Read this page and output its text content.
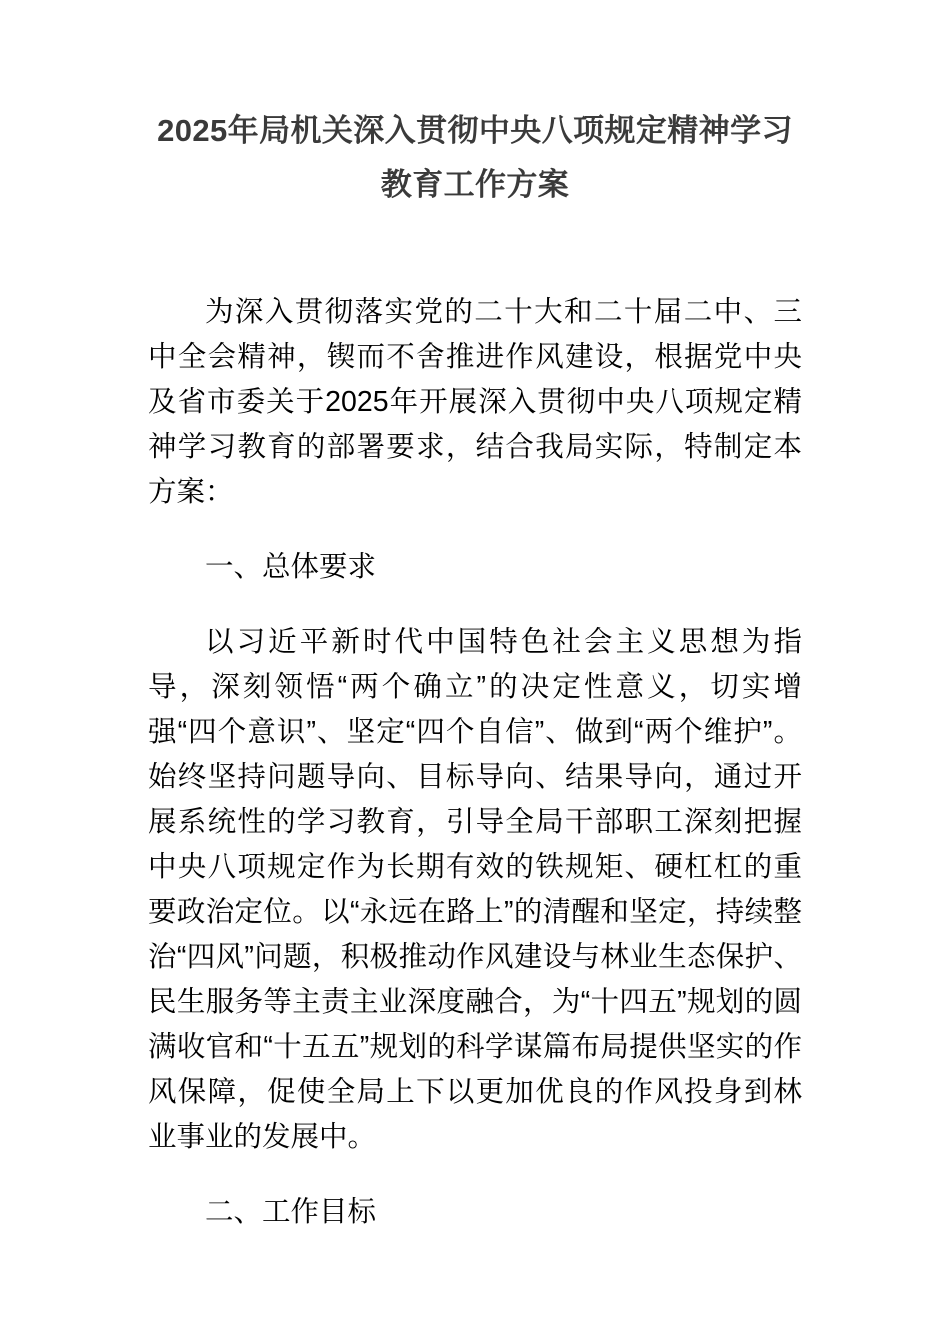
2025年局机关深入贯彻中央八项规定精神学习教育工作方案

为深入贯彻落实党的二十大和二十届二中、三中全会精神，锲而不舍推进作风建设，根据党中央及省市委关于2025年开展深入贯彻中央八项规定精神学习教育的部署要求，结合我局实际，特制定本方案：

一、总体要求

以习近平新时代中国特色社会主义思想为指导，深刻领悟“两个确立”的决定性意义，切实增强“四个意识”、坚定“四个自信”、做到“两个维护”。始终坚持问题导向、目标导向、结果导向，通过开展系统性的学习教育，引导全局干部职工深刻把握中央八项规定作为长期有效的铁规矩、硬杠杠的重要政治定位。以“永远在路上”的清醒和坚定，持续整治“四风”问题，积极推动作风建设与林业生态保护、民生服务等主责主业深度融合，为“十四五”规划的圆满收官和“十五五”规划的科学谋篇布局提供坚实的作风保障，促使全局上下以更加优良的作风投身到林业事业的发展中。

二、工作目标
